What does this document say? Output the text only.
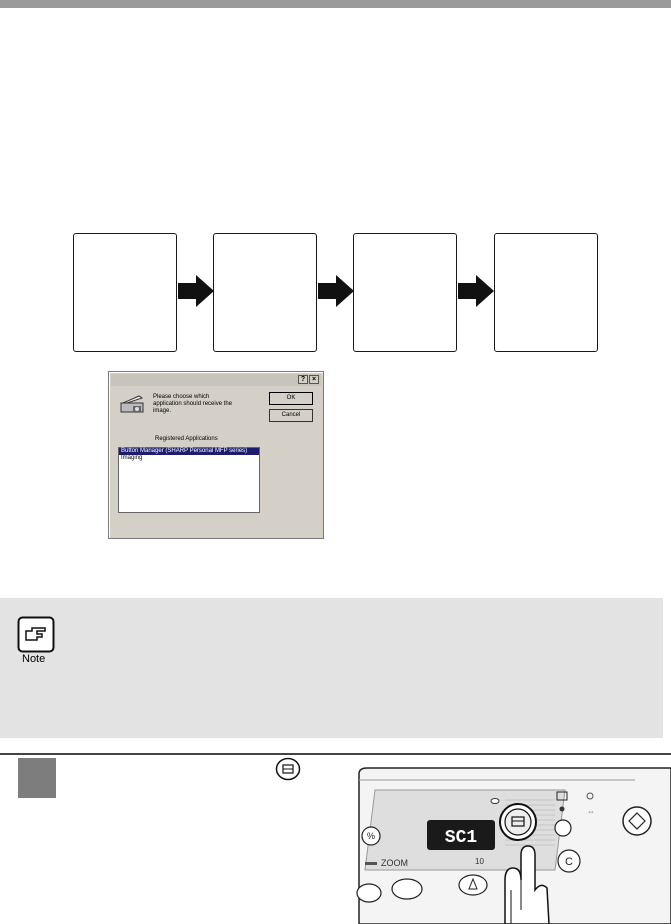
? ×
Please choose which
application should receive the
image.
OK
Cancel
Registered Applications
Button Manager (SHARP Personal MFP series)
Imaging
Note
%	SC1
ZOOM	10
⇔
C
